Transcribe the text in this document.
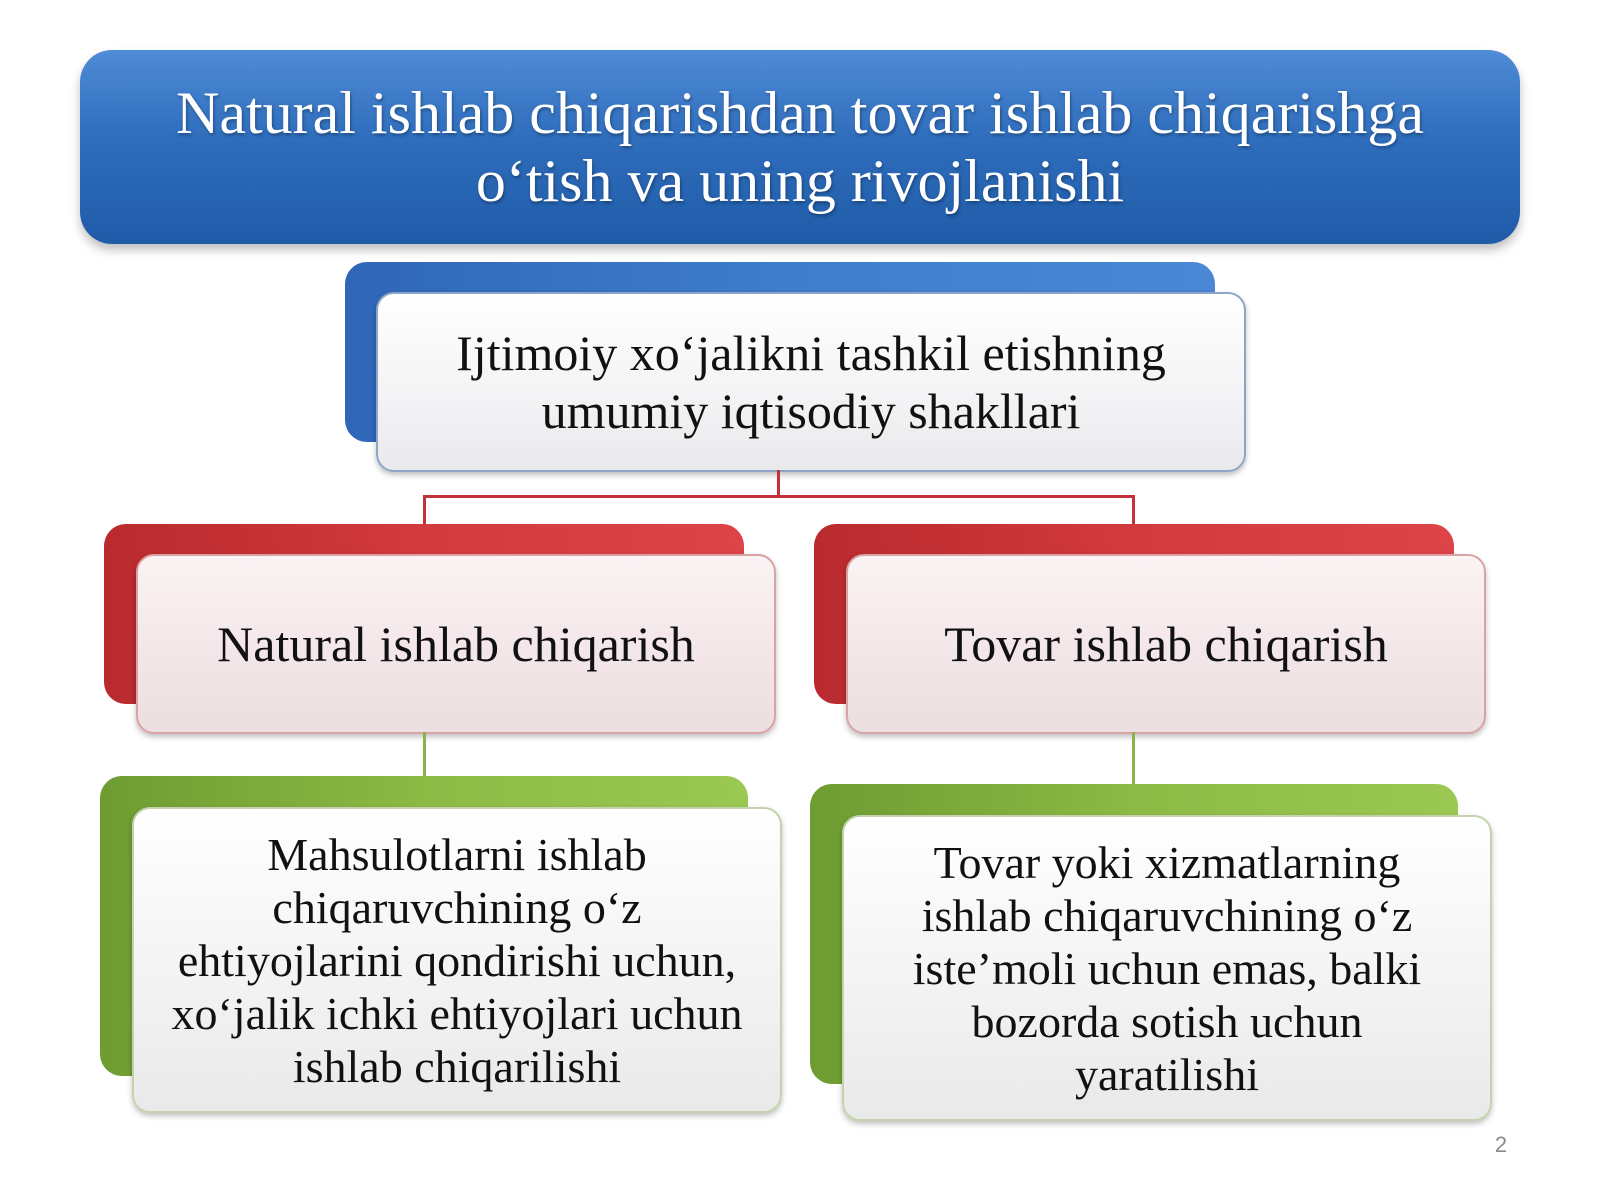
Natural ishlab chiqarishdan tovar ishlab chiqarishga o‘tish va uning rivojlanishi
Ijtimoiy xo‘jalikni tashkil etishning umumiy iqtisodiy shakllari
Natural ishlab chiqarish	Tovar ishlab chiqarish
Mahsulotlarni ishlab chiqaruvchining o‘z ehtiyojlarini qondirishi uchun, xo‘jalik ichki ehtiyojlari uchun ishlab chiqarilishi
Tovar yoki xizmatlarning ishlab chiqaruvchining o‘z iste’moli uchun emas, balki bozorda sotish uchun yaratilishi
2
